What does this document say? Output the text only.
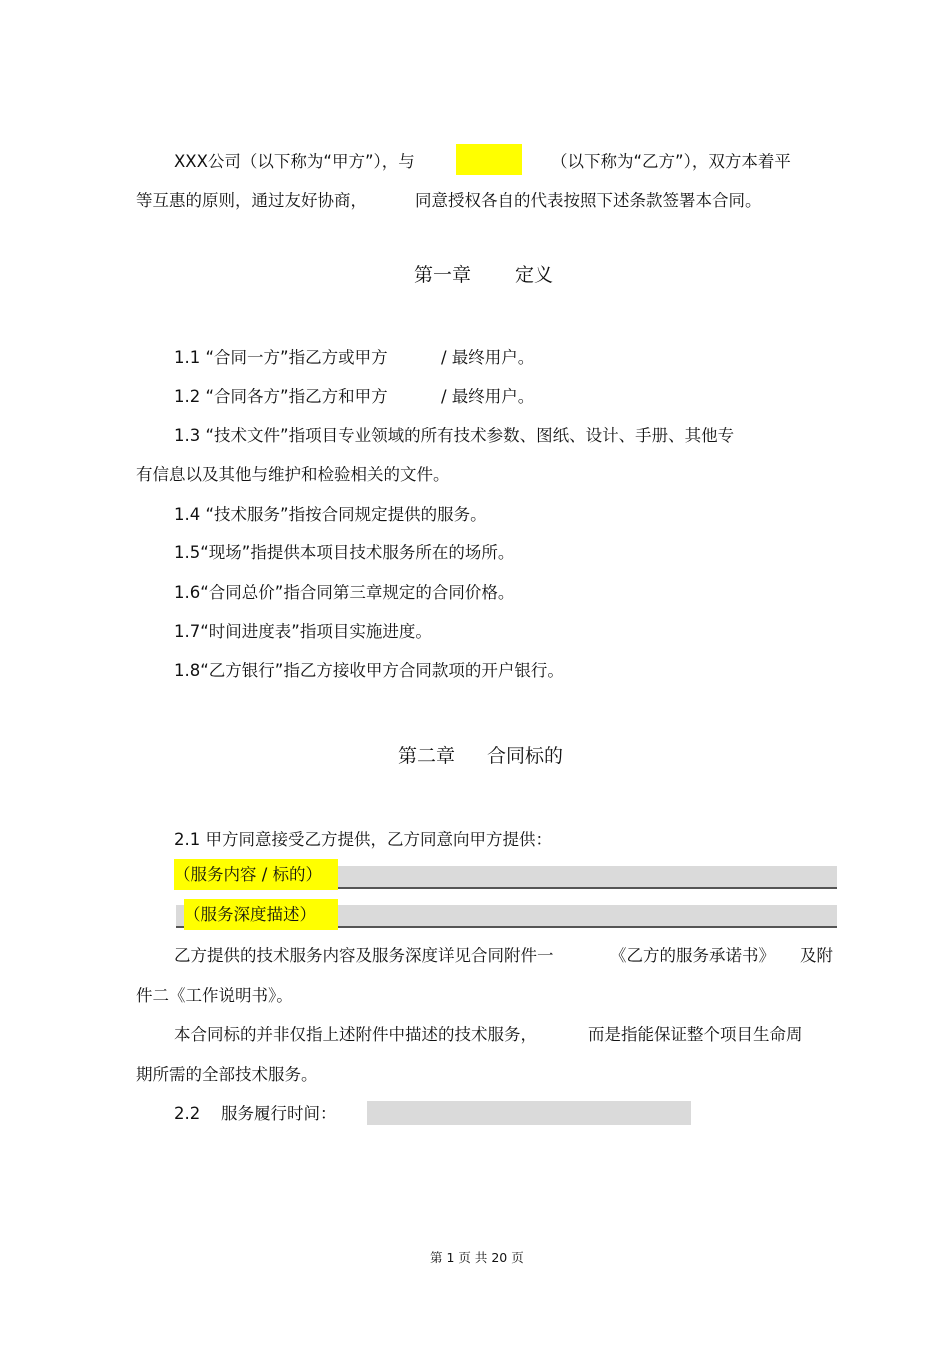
XXX公司（以下称为“甲方”），与	（以下称为“乙方”），双方本着平
等互惠的原则，通过友好协商，	同意授权各自的代表按照下述条款签署本合同。
第一章 定义
1.1 “合同一方”指乙方或甲方	/ 最终用户。
1.2 “合同各方”指乙方和甲方	/ 最终用户。
1.3 “技术文件”指项目专业领域的所有技术参数、图纸、设计、手册、其他专
有信息以及其他与维护和检验相关的文件。
1.4 “技术服务”指按合同规定提供的服务。
1.5“现场”指提供本项目技术服务所在的场所。
1.6“合同总价”指合同第三章规定的合同价格。
1.7“时间进度表”指项目实施进度。
1.8“乙方银行”指乙方接收甲方合同款项的开户银行。
第二章 合同标的
2.1 甲方同意接受乙方提供，乙方同意向甲方提供：
（服务内容 / 标的）
（服务深度描述）
乙方提供的技术服务内容及服务深度详见合同附件一	《乙方的服务承诺书》 及附
件二《工作说明书》。
本合同标的并非仅指上述附件中描述的技术服务，	而是指能保证整个项目生命周
期所需的全部技术服务。
2.2 服务履行时间：
第 1 页 共 20 页
